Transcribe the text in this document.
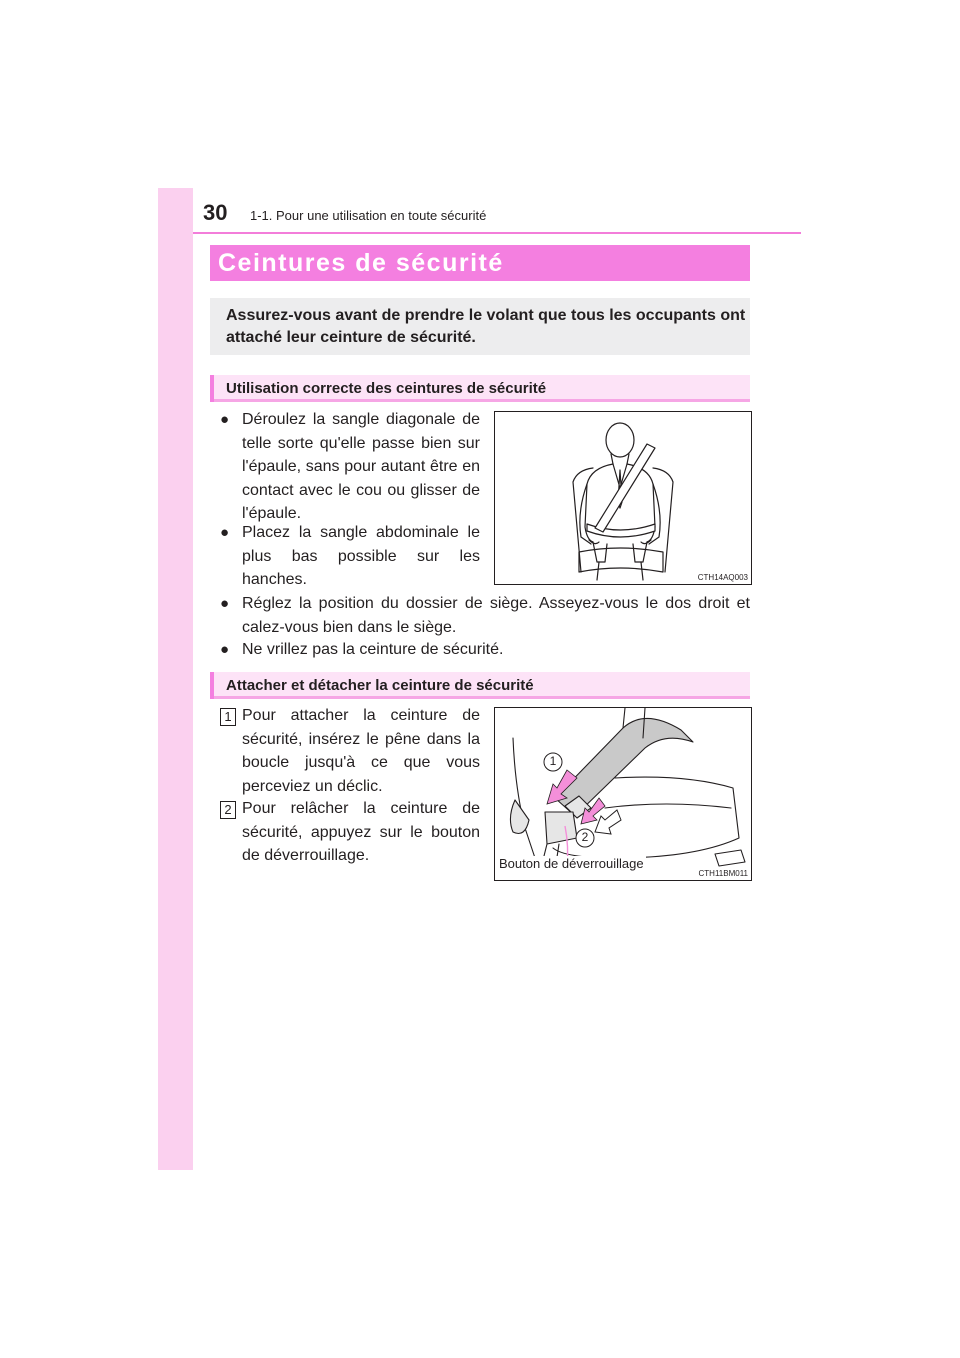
30 1-1. Pour une utilisation en toute sécurité
Ceintures de sécurité

Assurez-vous avant de prendre le volant que tous les occupants ont attaché leur ceinture de sécurité.

Utilisation correcte des ceintures de sécurité
● Déroulez la sangle diagonale de telle sorte qu'elle passe bien sur l'épaule, sans pour autant être en contact avec le cou ou glisser de l'épaule.

● Placez la sangle abdominale le plus bas possible sur les hanches.

● Réglez la position du dossier de siège. Asseyez-vous le dos droit et calez-vous bien dans le siège.

● Ne vrillez pas la ceinture de sécurité.

CTH14AQ003
Attacher et détacher la ceinture de sécurité
1 Pour attacher la ceinture de sécurité, insérez le pêne dans la boucle jusqu'à ce que vous perceviez un déclic.

2 Pour relâcher la ceinture de sécurité, appuyez sur le bouton de déverrouillage.

1
2
Bouton de déverrouillage
CTH11BM011
